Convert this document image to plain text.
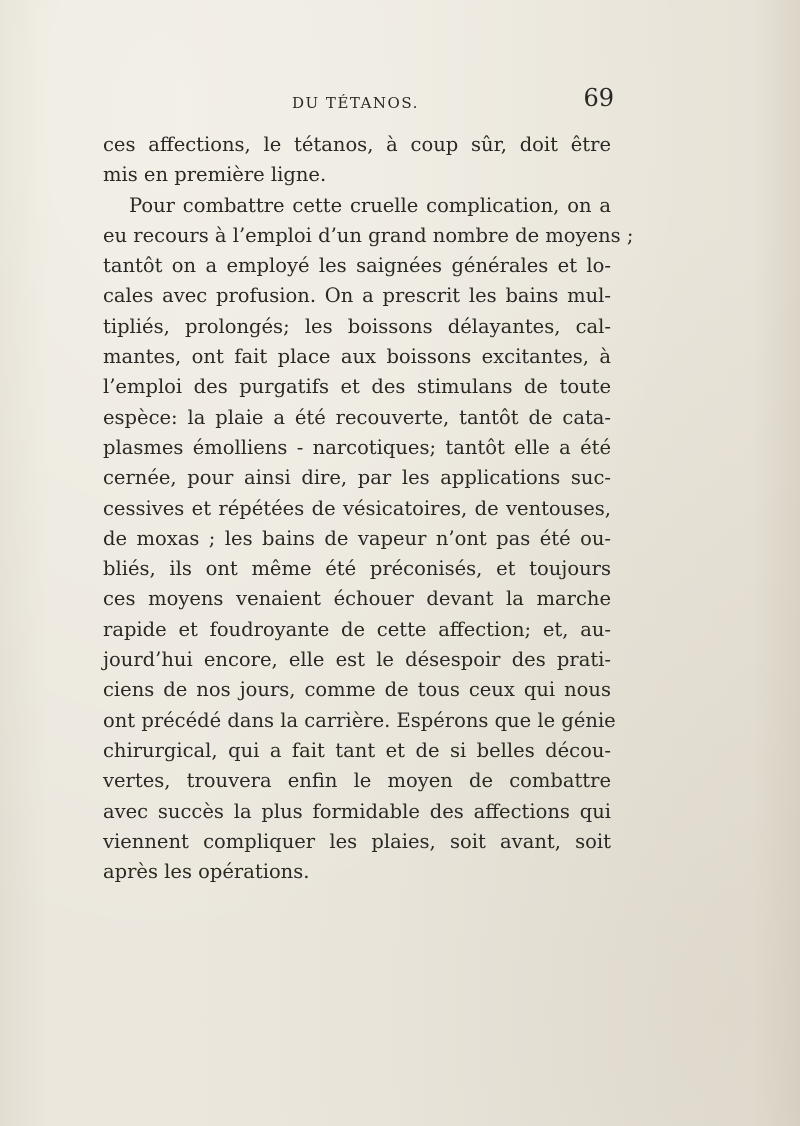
DU TÉTANOS.	69
ces affections, le tétanos, à coup sûr, doit être
mis en première ligne.
Pour combattre cette cruelle complication, on a
eu recours à l’emploi d’un grand nombre de moyens ;
tantôt on a employé les saignées générales et lo-
cales avec profusion. On a prescrit les bains mul-
tipliés, prolongés; les boissons délayantes, cal-
mantes, ont fait place aux boissons excitantes, à
l’emploi des purgatifs et des stimulans de toute
espèce: la plaie a été recouverte, tantôt de cata-
plasmes émolliens - narcotiques; tantôt elle a été
cernée, pour ainsi dire, par les applications suc-
cessives et répétées de vésicatoires, de ventouses,
de moxas ; les bains de vapeur n’ont pas été ou-
bliés, ils ont même été préconisés, et toujours
ces moyens venaient échouer devant la marche
rapide et foudroyante de cette affection; et, au-
jourd’hui encore, elle est le désespoir des prati-
ciens de nos jours, comme de tous ceux qui nous
ont précédé dans la carrière. Espérons que le génie
chirurgical, qui a fait tant et de si belles décou-
vertes, trouvera enfin le moyen de combattre
avec succès la plus formidable des affections qui
viennent compliquer les plaies, soit avant, soit
après les opérations.
